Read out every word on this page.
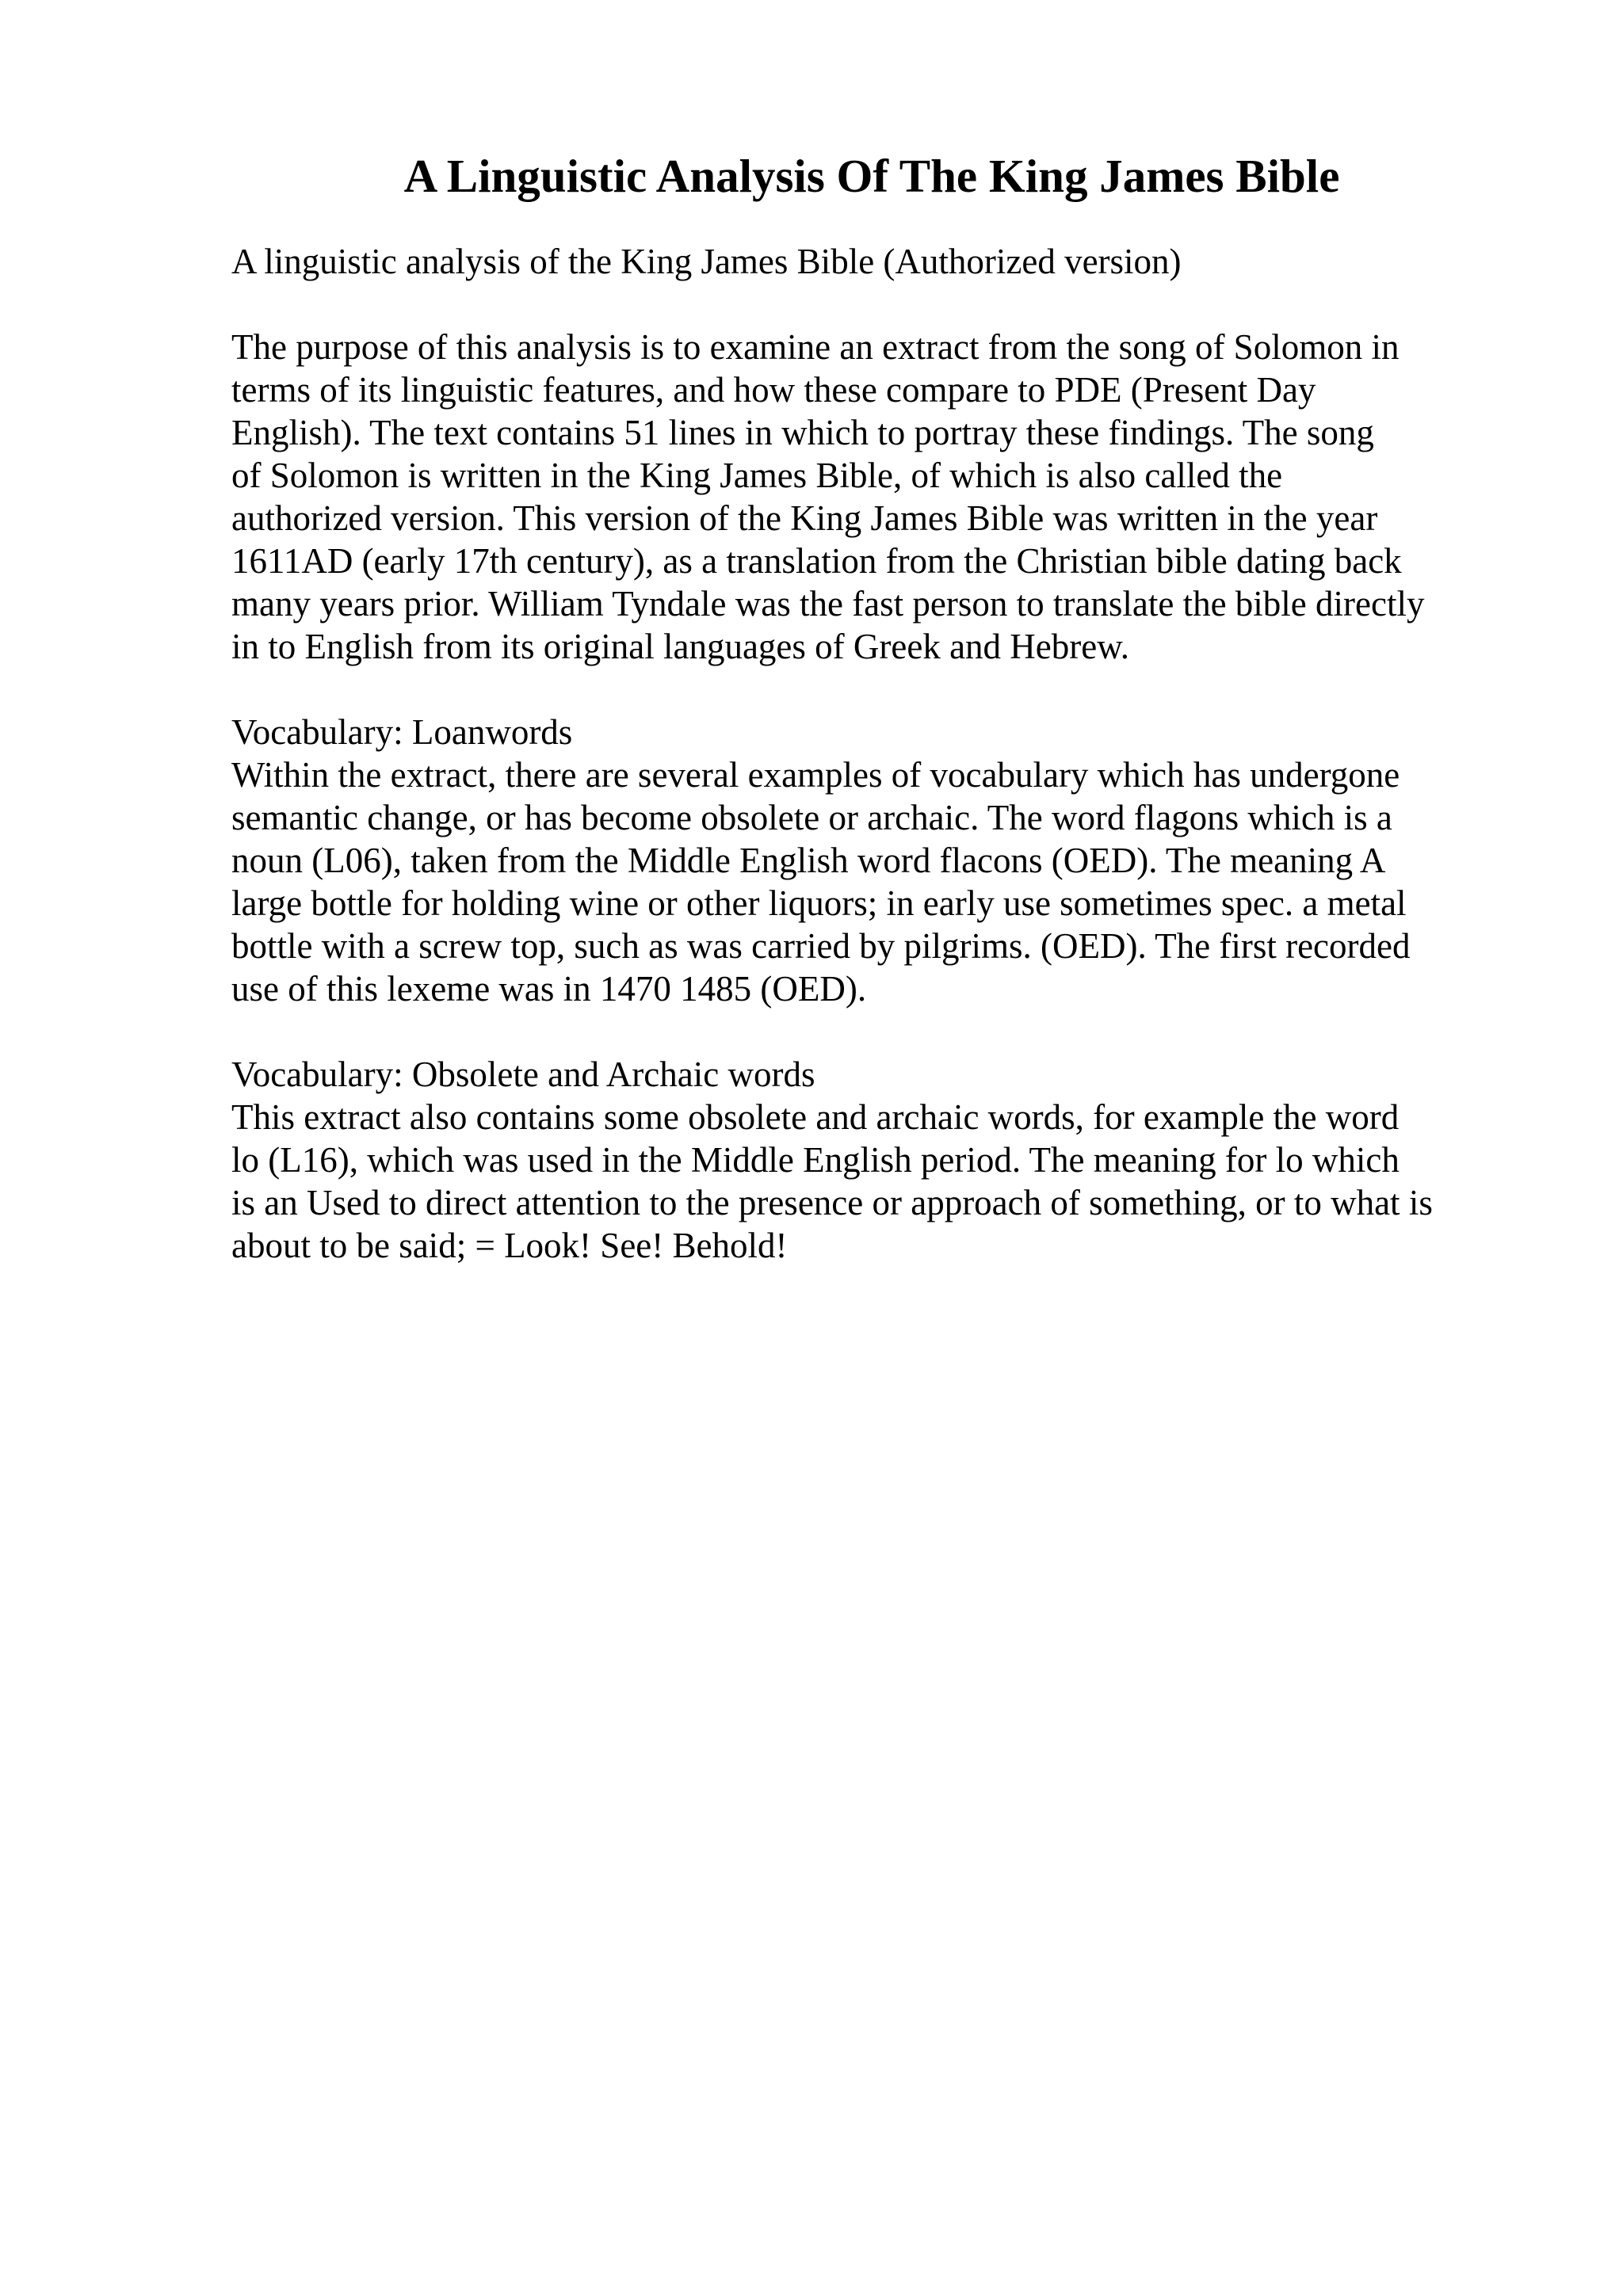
A Linguistic Analysis Of The King James Bible
A linguistic analysis of the King James Bible (Authorized version)
The purpose of this analysis is to examine an extract from the song of Solomon in
terms of its linguistic features, and how these compare to PDE (Present Day
English). The text contains 51 lines in which to portray these findings. The song
of Solomon is written in the King James Bible, of which is also called the
authorized version. This version of the King James Bible was written in the year
1611AD (early 17th century), as a translation from the Christian bible dating back
many years prior. William Tyndale was the fast person to translate the bible directly
in to English from its original languages of Greek and Hebrew.
Vocabulary: Loanwords
Within the extract, there are several examples of vocabulary which has undergone
semantic change, or has become obsolete or archaic. The word flagons which is a
noun (L06), taken from the Middle English word flacons (OED). The meaning A
large bottle for holding wine or other liquors; in early use sometimes spec. a metal
bottle with a screw top, such as was carried by pilgrims. (OED). The first recorded
use of this lexeme was in 1470 1485 (OED).
Vocabulary: Obsolete and Archaic words
This extract also contains some obsolete and archaic words, for example the word
lo (L16), which was used in the Middle English period. The meaning for lo which
is an Used to direct attention to the presence or approach of something, or to what is
about to be said; = Look! See! Behold!
